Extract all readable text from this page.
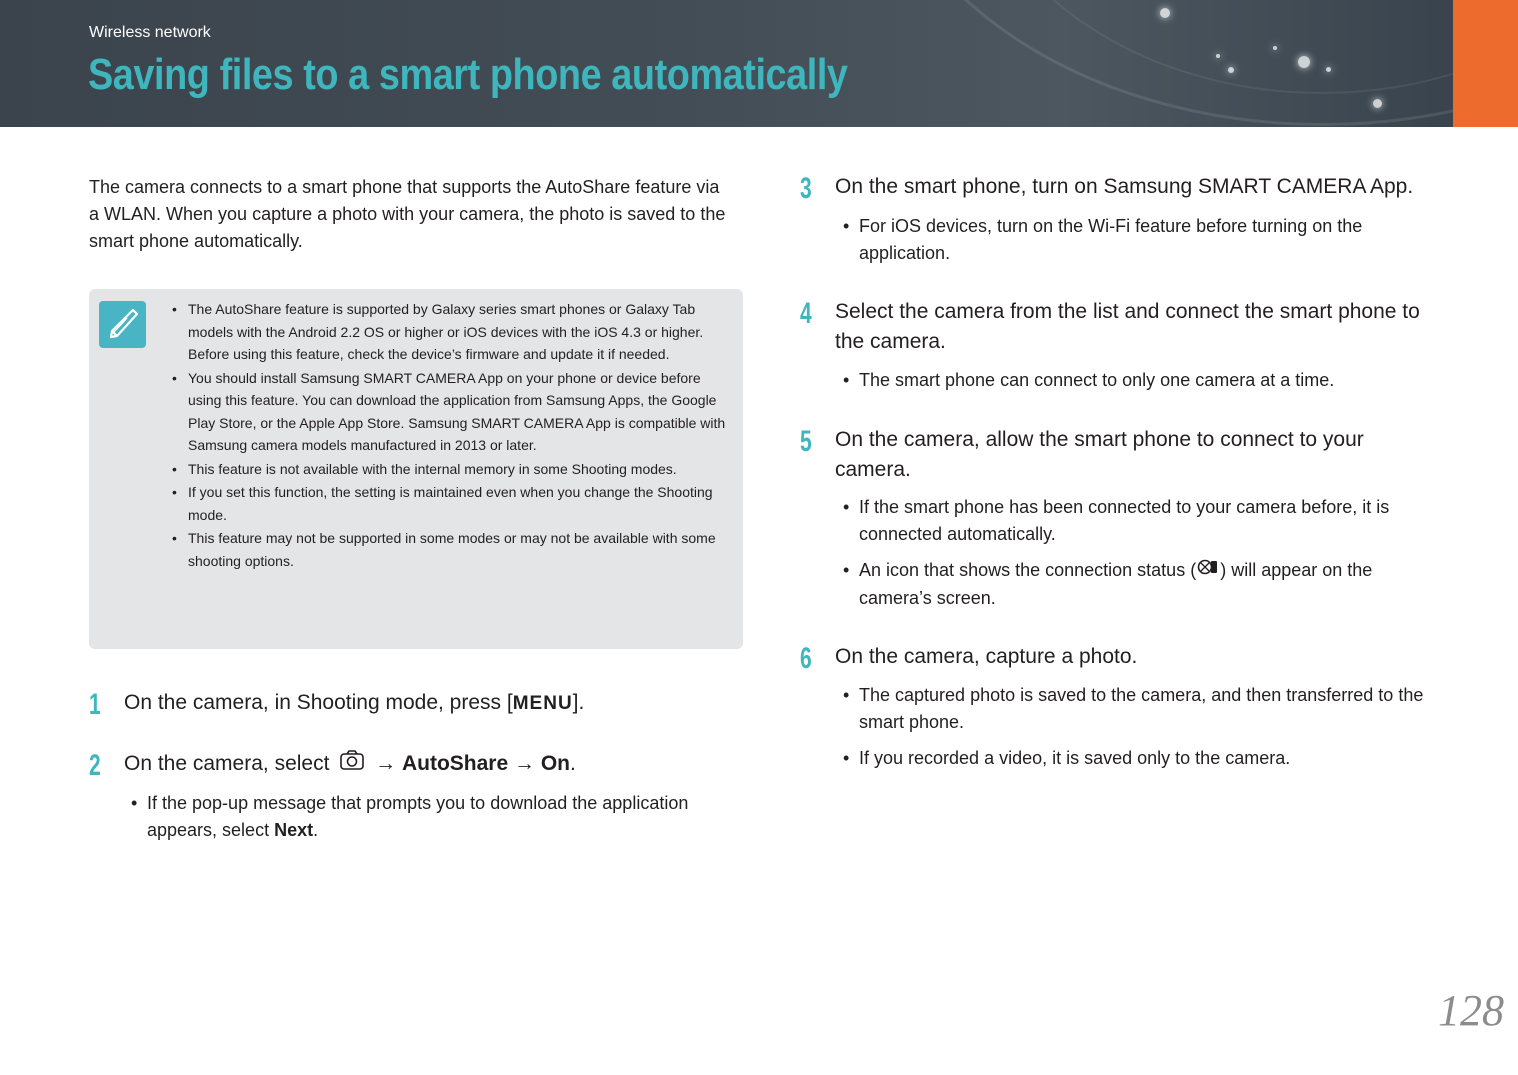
Wireless network
Saving files to a smart phone automatically
The camera connects to a smart phone that supports the AutoShare feature via a WLAN. When you capture a photo with your camera, the photo is saved to the smart phone automatically.
• The AutoShare feature is supported by Galaxy series smart phones or Galaxy Tab models with the Android 2.2 OS or higher or iOS devices with the iOS 4.3 or higher. Before using this feature, check the device’s firmware and update it if needed.
• You should install Samsung SMART CAMERA App on your phone or device before using this feature. You can download the application from Samsung Apps, the Google Play Store, or the Apple App Store. Samsung SMART CAMERA App is compatible with Samsung camera models manufactured in 2013 or later.
• This feature is not available with the internal memory in some Shooting modes.
• If you set this function, the setting is maintained even when you change the Shooting mode.
• This feature may not be supported in some modes or may not be available with some shooting options.
1 On the camera, in Shooting mode, press [MENU].
2 On the camera, select → AutoShare → On.
• If the pop-up message that prompts you to download the application appears, select Next.
3 On the smart phone, turn on Samsung SMART CAMERA App.
• For iOS devices, turn on the Wi-Fi feature before turning on the application.
4 Select the camera from the list and connect the smart phone to the camera.
• The smart phone can connect to only one camera at a time.
5 On the camera, allow the smart phone to connect to your camera.
• If the smart phone has been connected to your camera before, it is connected automatically.
• An icon that shows the connection status ( ) will appear on the camera’s screen.
6 On the camera, capture a photo.
• The captured photo is saved to the camera, and then transferred to the smart phone.
• If you recorded a video, it is saved only to the camera.
128
